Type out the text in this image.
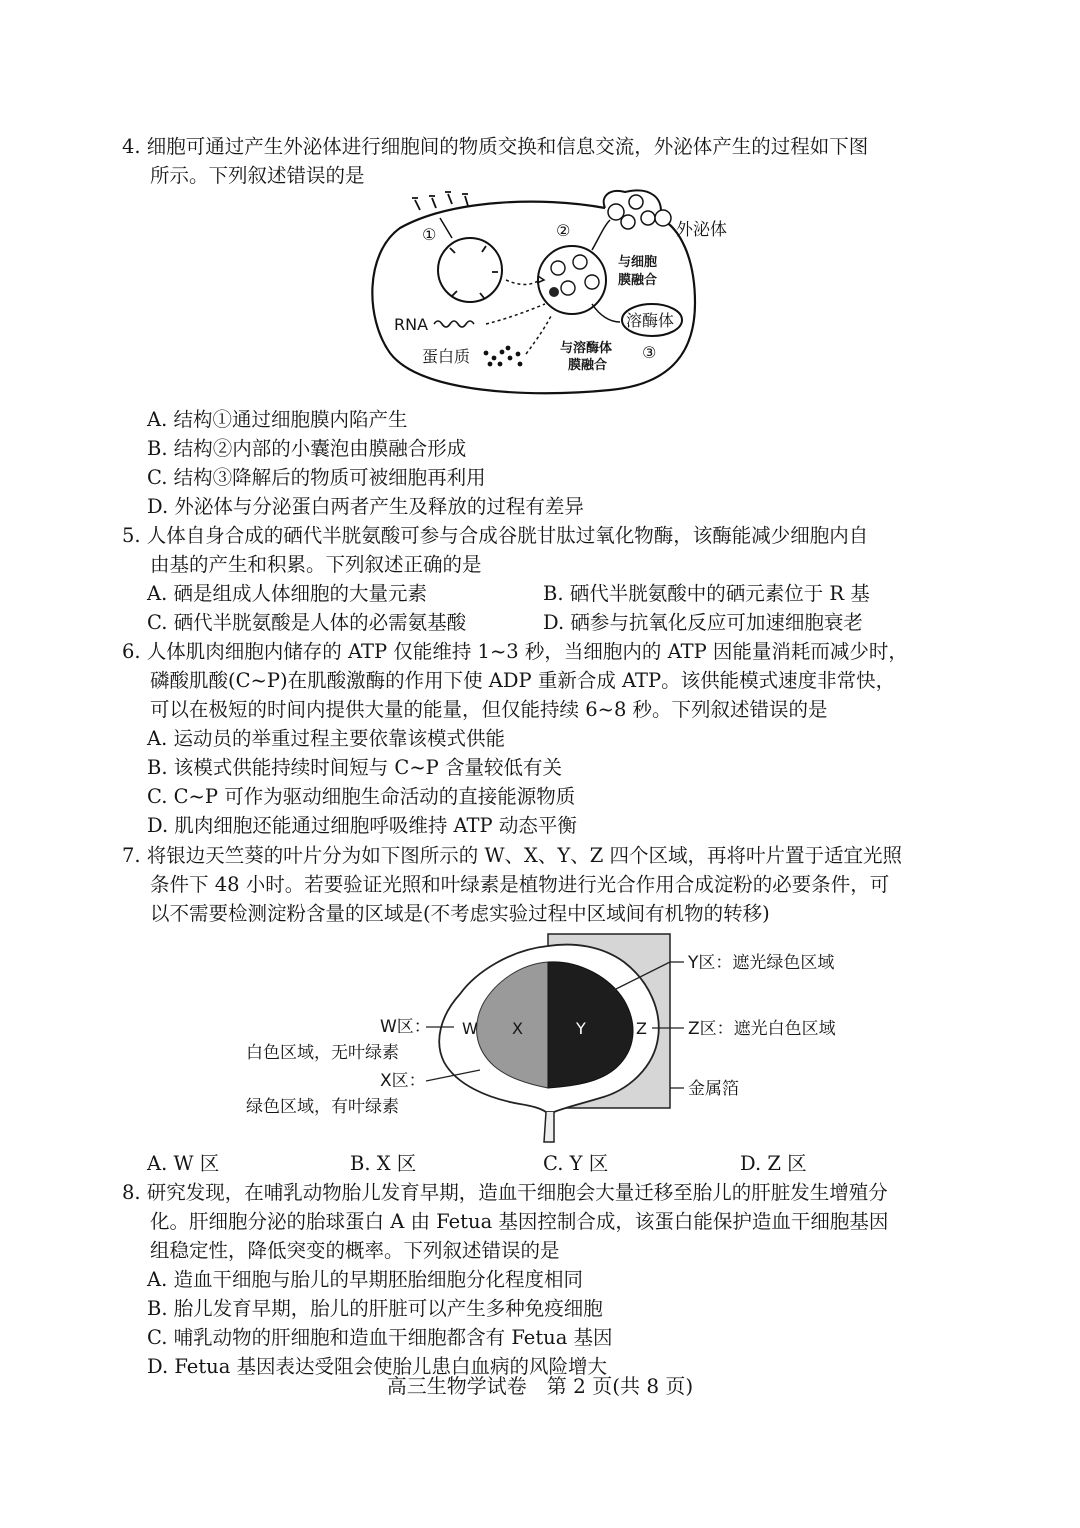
4. 细胞可通过产生外泌体进行细胞间的物质交换和信息交流，外泌体产生的过程如下图
所示。下列叙述错误的是
外泌体
①	②
与细胞
膜融合
溶酶体
与溶酶体
膜融合
③
RNA
蛋白质
A. 结构①通过细胞膜内陷产生
B. 结构②内部的小囊泡由膜融合形成
C. 结构③降解后的物质可被细胞再利用
D. 外泌体与分泌蛋白两者产生及释放的过程有差异
5. 人体自身合成的硒代半胱氨酸可参与合成谷胱甘肽过氧化物酶，该酶能减少细胞内自
由基的产生和积累。下列叙述正确的是
A. 硒是组成人体细胞的大量元素	B. 硒代半胱氨酸中的硒元素位于 R 基
C. 硒代半胱氨酸是人体的必需氨基酸	D. 硒参与抗氧化反应可加速细胞衰老
6. 人体肌肉细胞内储存的 ATP 仅能维持 1~3 秒，当细胞内的 ATP 因能量消耗而减少时，
磷酸肌酸(C~P)在肌酸激酶的作用下使 ADP 重新合成 ATP。该供能模式速度非常快，
可以在极短的时间内提供大量的能量，但仅能持续 6~8 秒。下列叙述错误的是
A. 运动员的举重过程主要依靠该模式供能
B. 该模式供能持续时间短与 C~P 含量较低有关
C. C~P 可作为驱动细胞生命活动的直接能源物质
D. 肌肉细胞还能通过细胞呼吸维持 ATP 动态平衡
7. 将银边天竺葵的叶片分为如下图所示的 W、X、Y、Z 四个区域，再将叶片置于适宜光照
条件下 48 小时。若要验证光照和叶绿素是植物进行光合作用合成淀粉的必要条件，可
以不需要检测淀粉含量的区域是(不考虑实验过程中区域间有机物的转移)
W X	Y	Z
W区：
白色区域，无叶绿素
X区：
绿色区域，有叶绿素
Y区：遮光绿色区域
Z区：遮光白色区域
金属箔
A. W 区	B. X 区	C. Y 区	D. Z 区
8. 研究发现，在哺乳动物胎儿发育早期，造血干细胞会大量迁移至胎儿的肝脏发生增殖分
化。肝细胞分泌的胎球蛋白 A 由 Fetua 基因控制合成，该蛋白能保护造血干细胞基因
组稳定性，降低突变的概率。下列叙述错误的是
A. 造血干细胞与胎儿的早期胚胎细胞分化程度相同
B. 胎儿发育早期，胎儿的肝脏可以产生多种免疫细胞
C. 哺乳动物的肝细胞和造血干细胞都含有 Fetua 基因
D. Fetua 基因表达受阻会使胎儿患白血病的风险增大
高三生物学试卷　第 2 页(共 8 页)
